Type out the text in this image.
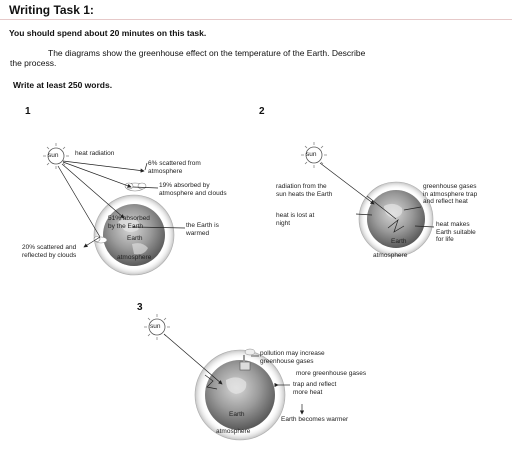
Writing Task 1:
You should spend about 20 minutes on this task.
The diagrams show the greenhouse effect on the temperature of the Earth. Describe
the process.
Write at least 250 words.
1
sun	heat radiation
6% scattered from
atmosphere
19% absorbed by
atmosphere and clouds
51% absorbed
by the Earth
Earth
the Earth is
warmed
20% scattered and
reflected by clouds	atmosphere
2
sun
radiation from the
sun heats the Earth
heat is lost at
night
greenhouse gases
in atmosphere trap
and reflect heat
heat makes
Earth suitable
for life
Earth
atmosphere
3
sun
pollution may increase
greenhouse gases
more greenhouse gases
trap and reflect
more heat
Earth becomes warmer
Earth
atmosphere
